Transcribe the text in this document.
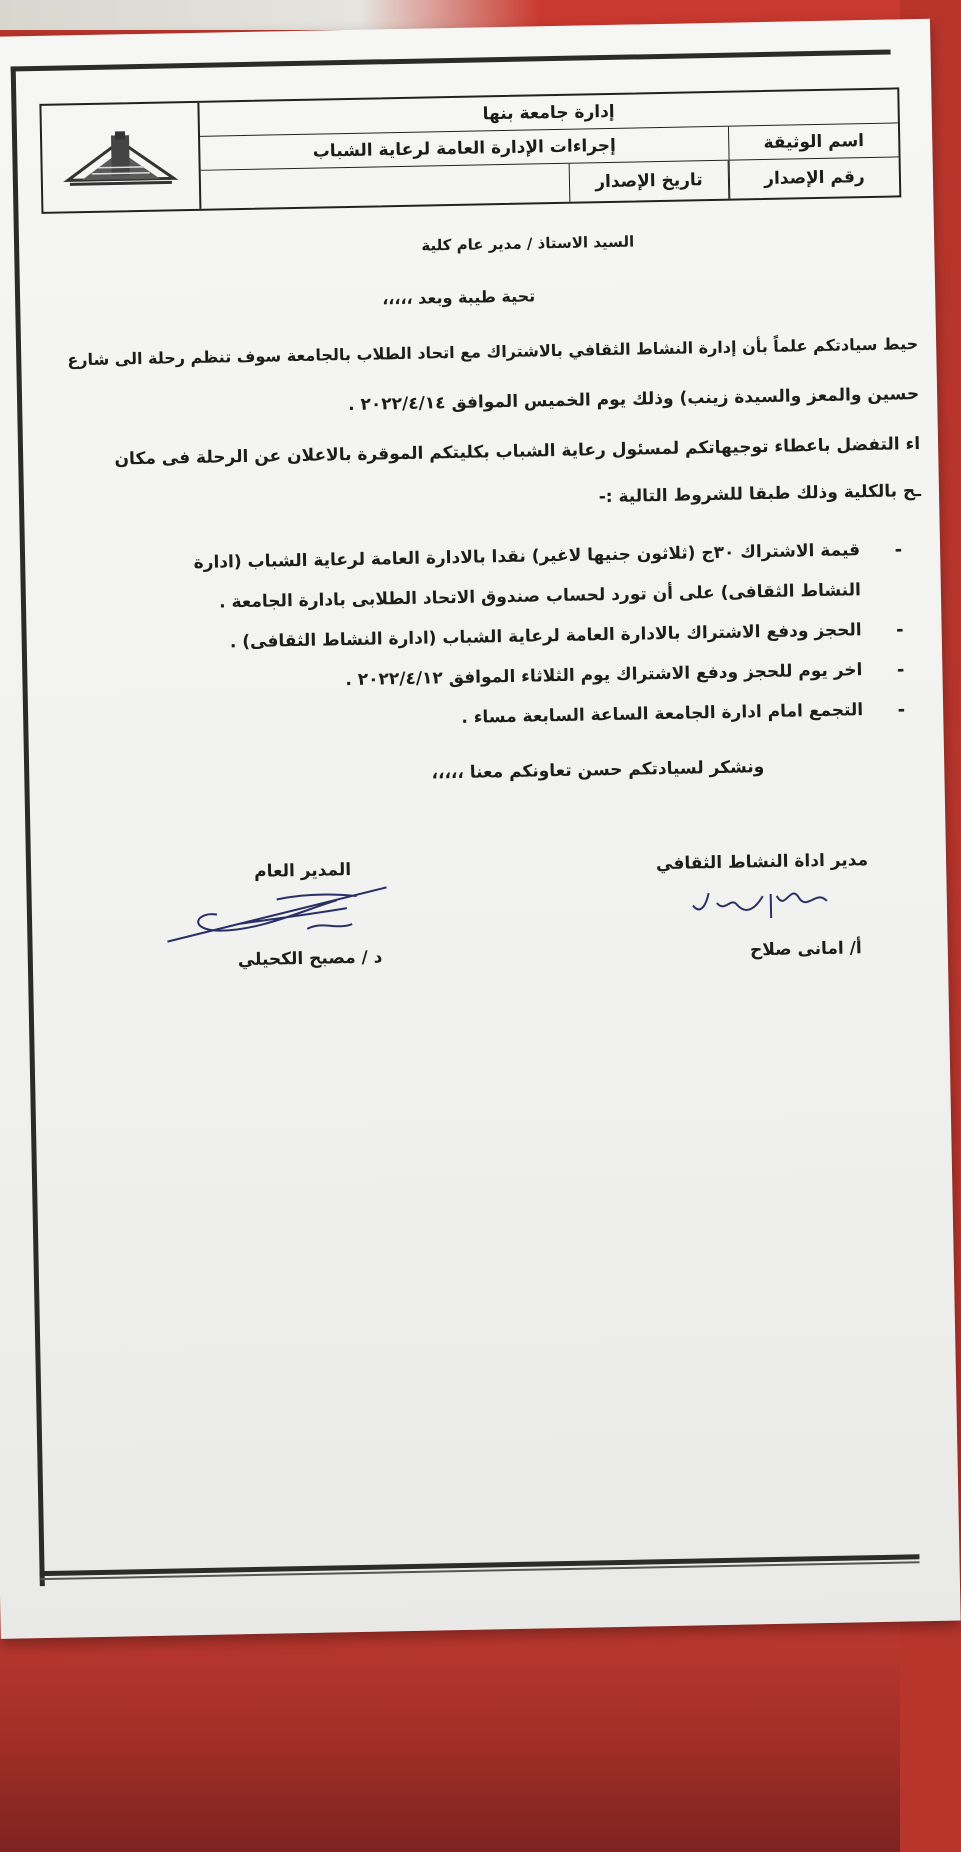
إدارة جامعة بنها
اسم الوثيقة
إجراءات الإدارة العامة لرعاية الشباب
رقم الإصدار
تاريخ الإصدار
السيد الاستاذ / مدير عام كلية
تحية طيبة وبعد ،،،،،
حيط سيادتكم علماً بأن إدارة النشاط الثقافي بالاشتراك مع اتحاد الطلاب بالجامعة سوف تنظم رحلة الى شارع
حسين والمعز والسيدة زينب) وذلك يوم الخميس الموافق ٢٠٢٢/٤/١٤ .
اء التفضل باعطاء توجيهاتكم لمسئول رعاية الشباب بكليتكم الموقرة بالاعلان عن الرحلة فى مكان
ـح بالكلية وذلك طبقا للشروط التالية :-
-
قيمة الاشتراك ٣٠ج (ثلاثون جنيها لاغير) نقدا بالادارة العامة لرعاية الشباب (ادارة
النشاط الثقافى) على أن تورد لحساب صندوق الاتحاد الطلابى بادارة الجامعة .
-
الحجز ودفع الاشتراك بالادارة العامة لرعاية الشباب (ادارة النشاط الثقافى) .
-
اخر يوم للحجز ودفع الاشتراك يوم الثلاثاء الموافق ٢٠٢٢/٤/١٢ .
-
التجمع امام ادارة الجامعة الساعة السابعة مساء .
ونشكر لسيادتكم حسن تعاونكم معنا ،،،،،
مدير اداة النشاط الثقافي
أ/ امانى صلاح
المدير العام
د / مصبح الكحيلي
